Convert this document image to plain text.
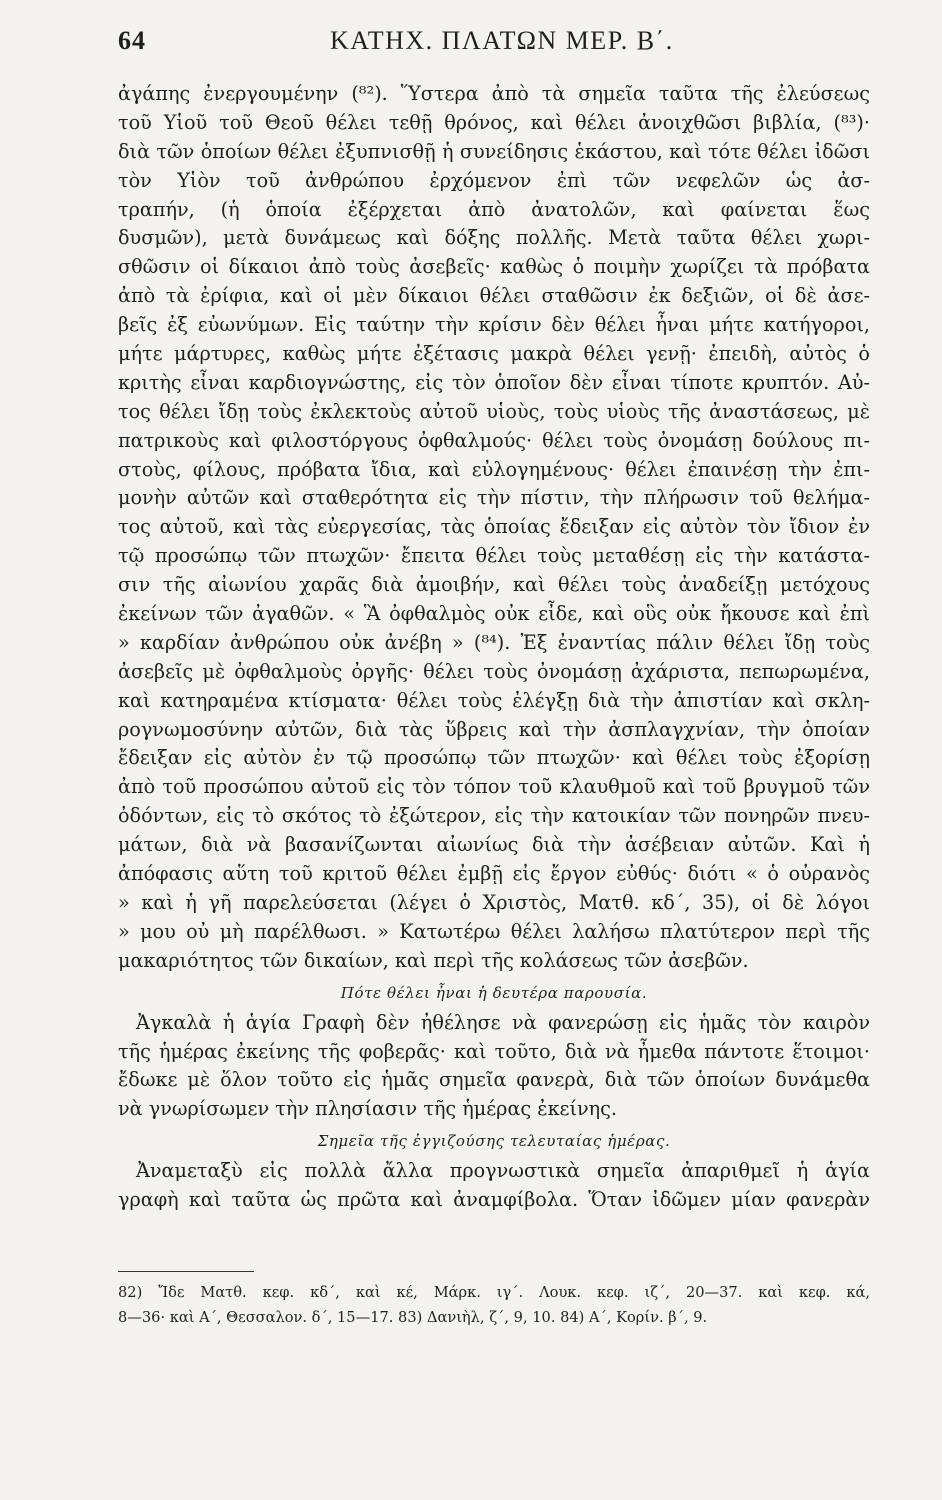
64	ΚΑΤΗΧ. ΠΛΑΤΩΝ ΜΕΡ. Β΄.
ἀγάπης ἐνεργουμένην (⁸²). Ὕστερα ἀπὸ τὰ σημεῖα ταῦτα τῆς ἐλεύσεως
τοῦ Υἱοῦ τοῦ Θεοῦ θέλει τεθῇ θρόνος, καὶ θέλει ἀνοιχθῶσι βιβλία, (⁸³)·
διὰ τῶν ὁποίων θέλει ἐξυπνισθῇ ἡ συνείδησις ἑκάστου, καὶ τότε θέλει ἰδῶσι
τὸν Υἱὸν τοῦ ἀνθρώπου ἐρχόμενον ἐπὶ τῶν νεφελῶν ὡς ἀσ-
τραπήν, (ἡ ὁποία ἐξέρχεται ἀπὸ ἀνατολῶν, καὶ φαίνεται ἕως
δυσμῶν), μετὰ δυνάμεως καὶ δόξης πολλῆς. Μετὰ ταῦτα θέλει χωρι-
σθῶσιν οἱ δίκαιοι ἀπὸ τοὺς ἀσεβεῖς· καθὼς ὁ ποιμὴν χωρίζει τὰ πρόβατα
ἀπὸ τὰ ἐρίφια, καὶ οἱ μὲν δίκαιοι θέλει σταθῶσιν ἐκ δεξιῶν, οἱ δὲ ἀσε-
βεῖς ἐξ εὐωνύμων. Εἰς ταύτην τὴν κρίσιν δὲν θέλει ἦναι μήτε κατήγοροι,
μήτε μάρτυρες, καθὼς μήτε ἐξέτασις μακρὰ θέλει γενῇ· ἐπειδὴ, αὐτὸς ὁ
κριτὴς εἶναι καρδιογνώστης, εἰς τὸν ὁποῖον δὲν εἶναι τίποτε κρυπτόν. Αὐ-
τος θέλει ἴδῃ τοὺς ἐκλεκτοὺς αὐτοῦ υἱοὺς, τοὺς υἱοὺς τῆς ἀναστάσεως, μὲ
πατρικοὺς καὶ φιλοστόργους ὀφθαλμούς· θέλει τοὺς ὀνομάσῃ δούλους πι-
στοὺς, φίλους, πρόβατα ἴδια, καὶ εὐλογημένους· θέλει ἐπαινέσῃ τὴν ἐπι-
μονὴν αὐτῶν καὶ σταθερότητα εἰς τὴν πίστιν, τὴν πλήρωσιν τοῦ θελήμα-
τος αὐτοῦ, καὶ τὰς εὐεργεσίας, τὰς ὁποίας ἔδειξαν εἰς αὐτὸν τὸν ἴδιον ἐν
τῷ προσώπῳ τῶν πτωχῶν· ἔπειτα θέλει τοὺς μεταθέσῃ εἰς τὴν κατάστα-
σιν τῆς αἰωνίου χαρᾶς διὰ ἀμοιβήν, καὶ θέλει τοὺς ἀναδείξῃ μετόχους
ἐκείνων τῶν ἀγαθῶν. « Ἃ ὀφθαλμὸς οὐκ εἶδε, καὶ οὓς οὐκ ἤκουσε καὶ ἐπὶ
» καρδίαν ἀνθρώπου οὐκ ἀνέβη » (⁸⁴). Ἐξ ἐναντίας πάλιν θέλει ἴδῃ τοὺς
ἀσεβεῖς μὲ ὀφθαλμοὺς ὀργῆς· θέλει τοὺς ὀνομάσῃ ἀχάριστα, πεπωρωμένα,
καὶ κατηραμένα κτίσματα· θέλει τοὺς ἐλέγξῃ διὰ τὴν ἀπιστίαν καὶ σκλη-
ρογνωμοσύνην αὐτῶν, διὰ τὰς ὕβρεις καὶ τὴν ἀσπλαγχνίαν, τὴν ὁποίαν
ἔδειξαν εἰς αὐτὸν ἐν τῷ προσώπῳ τῶν πτωχῶν· καὶ θέλει τοὺς ἐξορίσῃ
ἀπὸ τοῦ προσώπου αὐτοῦ εἰς τὸν τόπον τοῦ κλαυθμοῦ καὶ τοῦ βρυγμοῦ τῶν
ὀδόντων, εἰς τὸ σκότος τὸ ἐξώτερον, εἰς τὴν κατοικίαν τῶν πονηρῶν πνευ-
μάτων, διὰ νὰ βασανίζωνται αἰωνίως διὰ τὴν ἀσέβειαν αὐτῶν. Καὶ ἡ
ἀπόφασις αὕτη τοῦ κριτοῦ θέλει ἐμβῇ εἰς ἔργον εὐθύς· διότι « ὁ οὐρανὸς
» καὶ ἡ γῆ παρελεύσεται (λέγει ὁ Χριστὸς, Ματθ. κδ΄, 35), οἱ δὲ λόγοι
» μου οὐ μὴ παρέλθωσι. » Κατωτέρω θέλει λαλήσω πλατύτερον περὶ τῆς
μακαριότητος τῶν δικαίων, καὶ περὶ τῆς κολάσεως τῶν ἀσεβῶν.
Πότε θέλει ἦναι ἡ δευτέρα παρουσία.
Ἀγκαλὰ ἡ ἁγία Γραφὴ δὲν ἠθέλησε νὰ φανερώσῃ εἰς ἡμᾶς τὸν καιρὸν
τῆς ἡμέρας ἐκείνης τῆς φοβερᾶς· καὶ τοῦτο, διὰ νὰ ἦμεθα πάντοτε ἕτοιμοι·
ἔδωκε μὲ ὅλον τοῦτο εἰς ἡμᾶς σημεῖα φανερὰ, διὰ τῶν ὁποίων δυνάμεθα
νὰ γνωρίσωμεν τὴν πλησίασιν τῆς ἡμέρας ἐκείνης.
Σημεῖα τῆς ἐγγιζούσης τελευταίας ἡμέρας.
Ἀναμεταξὺ εἰς πολλὰ ἄλλα προγνωστικὰ σημεῖα ἀπαριθμεῖ ἡ ἁγία
γραφὴ καὶ ταῦτα ὡς πρῶτα καὶ ἀναμφίβολα. Ὅταν ἰδῶμεν μίαν φανερὰν
82) Ἴδε Ματθ. κεφ. κδ΄, καὶ κέ, Μάρκ. ιγ΄. Λουκ. κεφ. ιζ΄, 20—37. καὶ κεφ. κά,
8—36· καὶ Α΄, Θεσσαλον. δ΄, 15—17. 83) Δανιὴλ, ζ΄, 9, 10. 84) Α΄, Κορίν. β΄, 9.
